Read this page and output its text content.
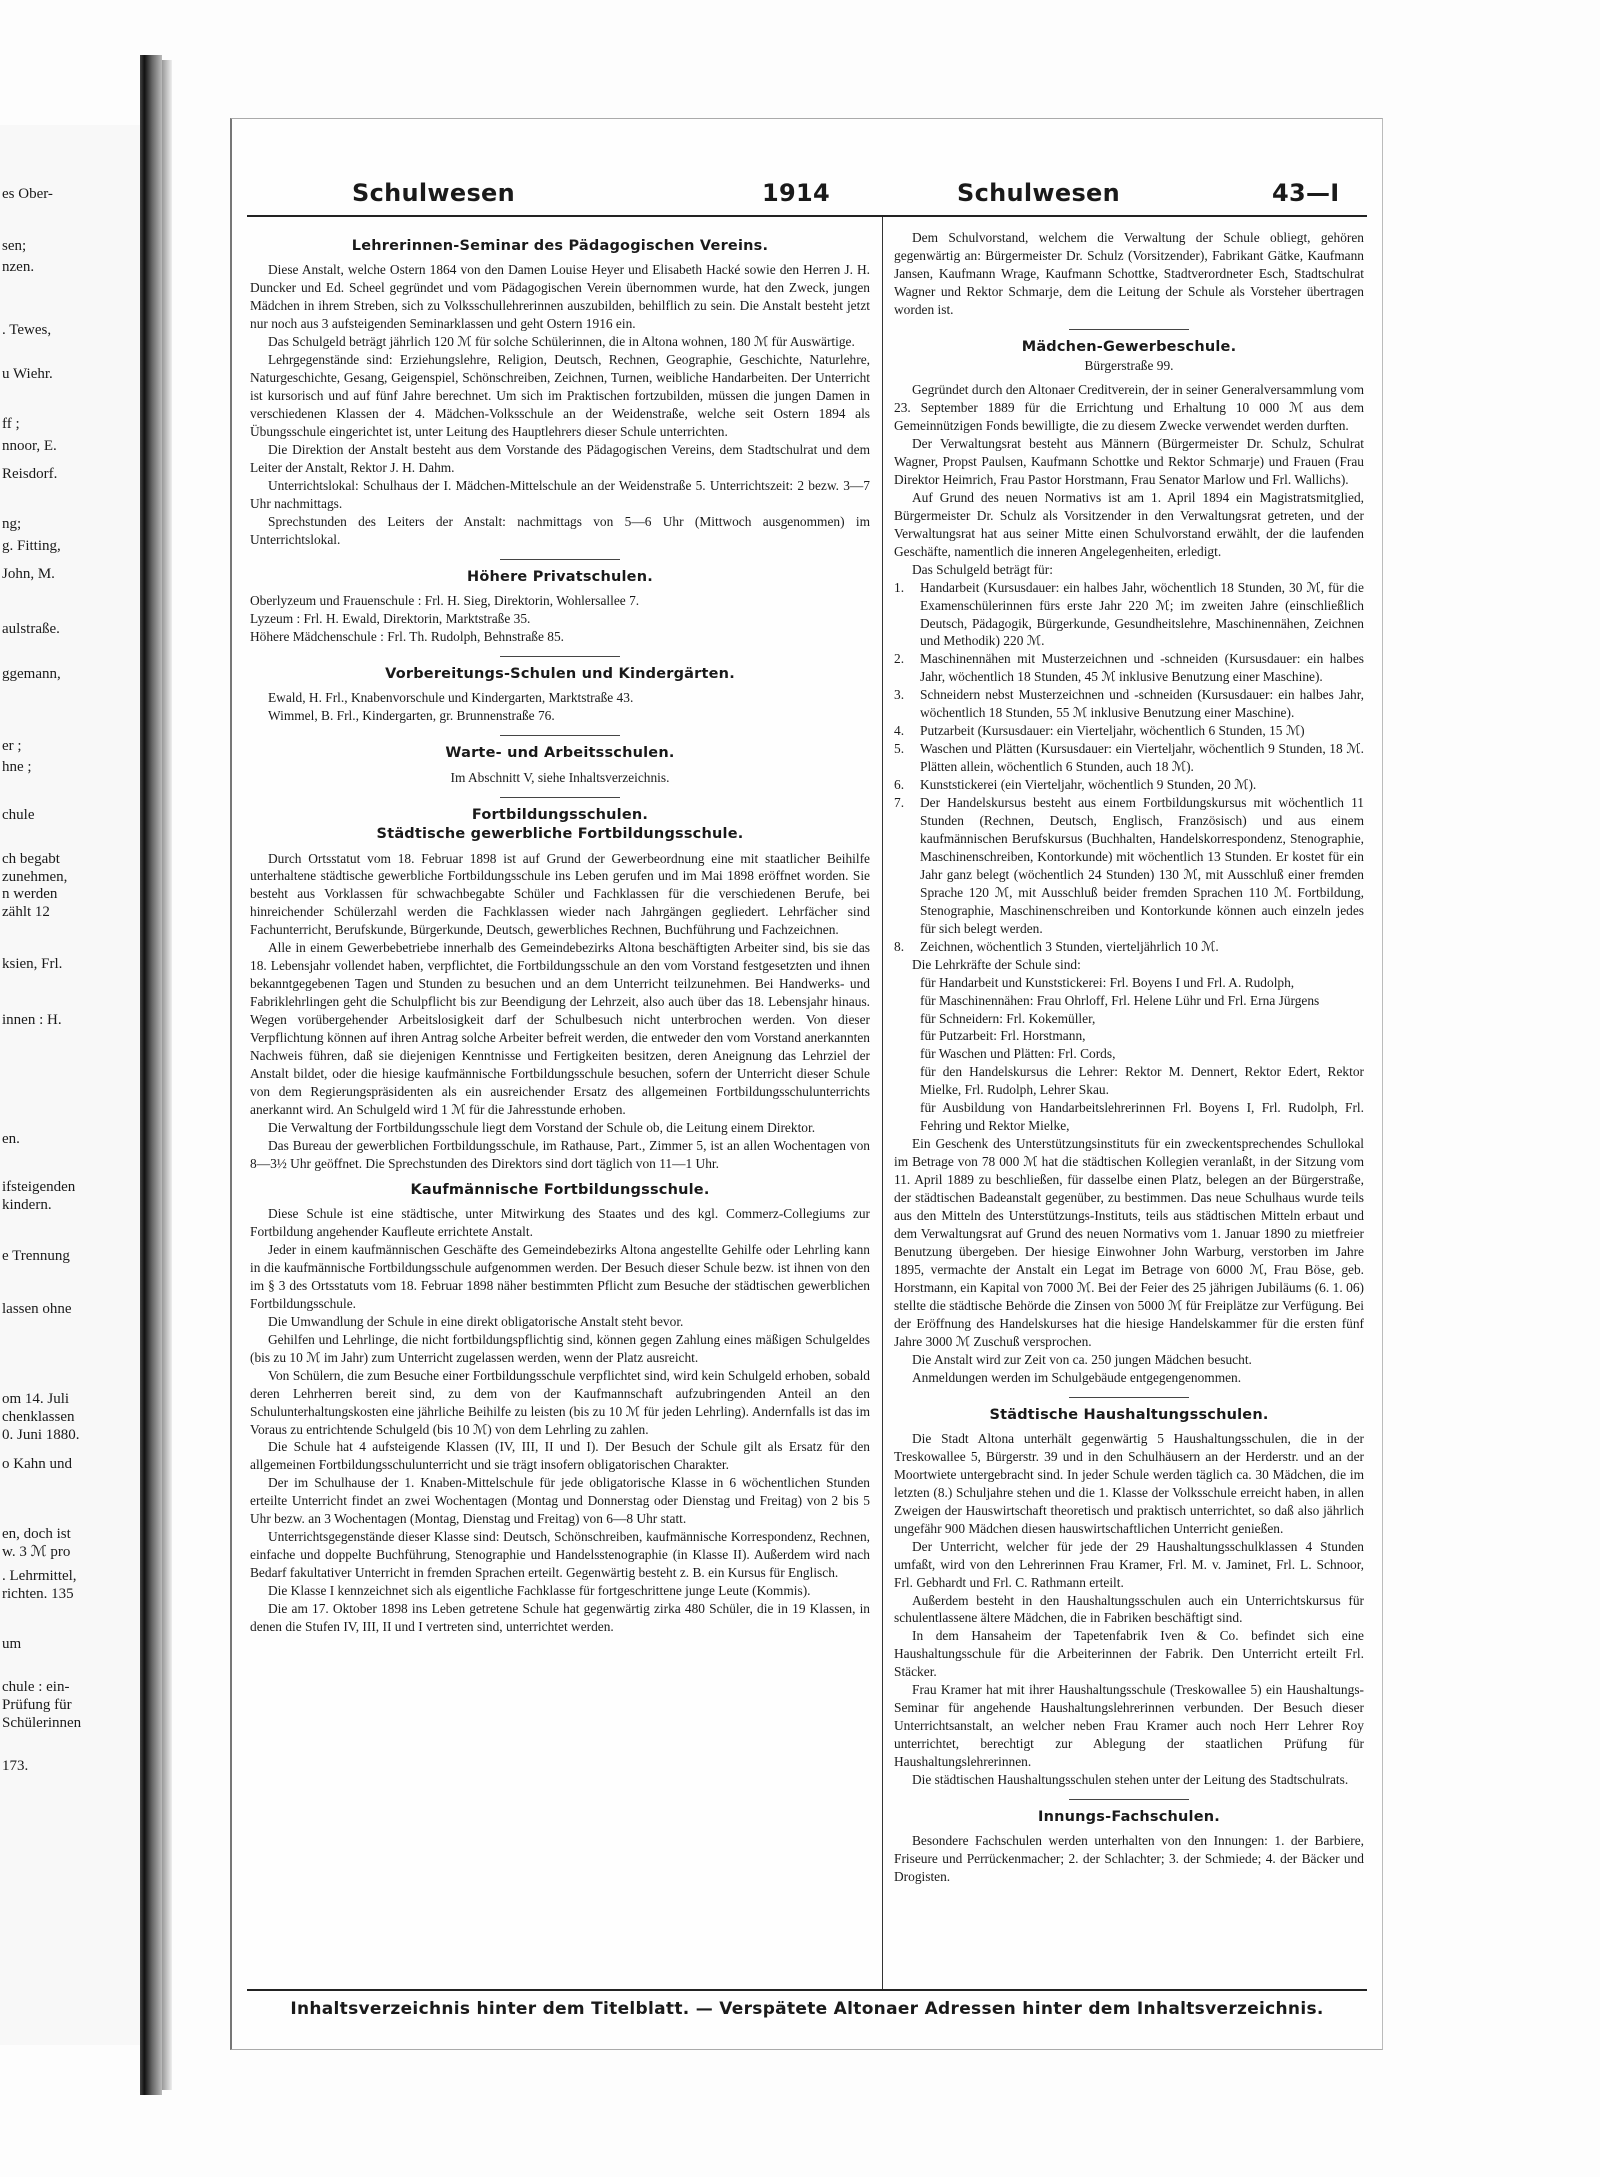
es Ober-
sen;
nzen.
. Tewes,
u Wiehr.
ff ;
nnoor, E.
Reisdorf.
ng;
g. Fitting,
John, M.
aulstraße.
ggemann,
er ;
hne ;
chule
ch begabt
zunehmen,
n werden
zählt 12
ksien, Frl.
innen : H.
en.
ifsteigenden
kindern.
e Trennung
lassen ohne
om 14. Juli
chenklassen
0. Juni 1880.
o Kahn und
en, doch ist
w. 3 ℳ pro
. Lehrmittel,
richten. 135
um
chule : ein-
Prüfung für
Schülerinnen
173.
Schulwesen	1914	Schulwesen	43—I
Lehrerinnen-Seminar des Pädagogischen Vereins.

Diese Anstalt, welche Ostern 1864 von den Damen Louise Heyer und Elisabeth Hacké sowie den Herren J. H. Duncker und Ed. Scheel gegründet und vom Pädagogischen Verein übernommen wurde, hat den Zweck, jungen Mädchen in ihrem Streben, sich zu Volksschullehrerinnen auszubilden, behilflich zu sein. Die Anstalt besteht jetzt nur noch aus 3 aufsteigenden Seminarklassen und geht Ostern 1916 ein.

Das Schulgeld beträgt jährlich 120 ℳ für solche Schülerinnen, die in Altona wohnen, 180 ℳ für Auswärtige.

Lehrgegenstände sind: Erziehungslehre, Religion, Deutsch, Rechnen, Geographie, Geschichte, Naturlehre, Naturgeschichte, Gesang, Geigenspiel, Schönschreiben, Zeichnen, Turnen, weibliche Handarbeiten. Der Unterricht ist kursorisch und auf fünf Jahre berechnet. Um sich im Praktischen fortzubilden, müssen die jungen Damen in verschiedenen Klassen der 4. Mädchen-Volksschule an der Weidenstraße, welche seit Ostern 1894 als Übungsschule eingerichtet ist, unter Leitung des Hauptlehrers dieser Schule unterrichten.

Die Direktion der Anstalt besteht aus dem Vorstande des Pädagogischen Vereins, dem Stadtschulrat und dem Leiter der Anstalt, Rektor J. H. Dahm.

Unterrichtslokal: Schulhaus der I. Mädchen-Mittelschule an der Weidenstraße 5. Unterrichtszeit: 2 bezw. 3—7 Uhr nachmittags.

Sprechstunden des Leiters der Anstalt: nachmittags von 5—6 Uhr (Mittwoch ausgenommen) im Unterrichtslokal.

Höhere Privatschulen.

Oberlyzeum und Frauenschule : Frl. H. Sieg, Direktorin, Wohlersallee 7.

Lyzeum : Frl. H. Ewald, Direktorin, Marktstraße 35.

Höhere Mädchenschule : Frl. Th. Rudolph, Behnstraße 85.

Vorbereitungs-Schulen und Kindergärten.

Ewald, H. Frl., Knabenvorschule und Kindergarten, Marktstraße 43.

Wimmel, B. Frl., Kindergarten, gr. Brunnenstraße 76.

Warte- und Arbeitsschulen.

Im Abschnitt V, siehe Inhaltsverzeichnis.

Fortbildungsschulen.
Städtische gewerbliche Fortbildungsschule.

Durch Ortsstatut vom 18. Februar 1898 ist auf Grund der Gewerbeordnung eine mit staatlicher Beihilfe unterhaltene städtische gewerbliche Fortbildungsschule ins Leben gerufen und im Mai 1898 eröffnet worden. Sie besteht aus Vorklassen für schwachbegabte Schüler und Fachklassen für die verschiedenen Berufe, bei hinreichender Schülerzahl werden die Fachklassen wieder nach Jahrgängen gegliedert. Lehrfächer sind Fachunterricht, Berufskunde, Bürgerkunde, Deutsch, gewerbliches Rechnen, Buchführung und Fachzeichnen.

Alle in einem Gewerbebetriebe innerhalb des Gemeindebezirks Altona beschäftigten Arbeiter sind, bis sie das 18. Lebensjahr vollendet haben, verpflichtet, die Fortbildungsschule an den vom Vorstand festgesetzten und ihnen bekanntgegebenen Tagen und Stunden zu besuchen und an dem Unterricht teilzunehmen. Bei Handwerks- und Fabriklehrlingen geht die Schulpflicht bis zur Beendigung der Lehrzeit, also auch über das 18. Lebensjahr hinaus. Wegen vorübergehender Arbeitslosigkeit darf der Schulbesuch nicht unterbrochen werden. Von dieser Verpflichtung können auf ihren Antrag solche Arbeiter befreit werden, die entweder den vom Vorstand anerkannten Nachweis führen, daß sie diejenigen Kenntnisse und Fertigkeiten besitzen, deren Aneignung das Lehrziel der Anstalt bildet, oder die hiesige kaufmännische Fortbildungsschule besuchen, sofern der Unterricht dieser Schule von dem Regierungspräsidenten als ein ausreichender Ersatz des allgemeinen Fortbildungsschulunterrichts anerkannt wird. An Schulgeld wird 1 ℳ für die Jahresstunde erhoben.

Die Verwaltung der Fortbildungsschule liegt dem Vorstand der Schule ob, die Leitung einem Direktor.

Das Bureau der gewerblichen Fortbildungsschule, im Rathause, Part., Zimmer 5, ist an allen Wochentagen von 8—3½ Uhr geöffnet. Die Sprechstunden des Direktors sind dort täglich von 11—1 Uhr.

Kaufmännische Fortbildungsschule.

Diese Schule ist eine städtische, unter Mitwirkung des Staates und des kgl. Commerz-Collegiums zur Fortbildung angehender Kaufleute errichtete Anstalt.

Jeder in einem kaufmännischen Geschäfte des Gemeindebezirks Altona angestellte Gehilfe oder Lehrling kann in die kaufmännische Fortbildungsschule aufgenommen werden. Der Besuch dieser Schule bezw. ist ihnen von den im § 3 des Ortsstatuts vom 18. Februar 1898 näher bestimmten Pflicht zum Besuche der städtischen gewerblichen Fortbildungsschule.

Die Umwandlung der Schule in eine direkt obligatorische Anstalt steht bevor.

Gehilfen und Lehrlinge, die nicht fortbildungspflichtig sind, können gegen Zahlung eines mäßigen Schulgeldes (bis zu 10 ℳ im Jahr) zum Unterricht zugelassen werden, wenn der Platz ausreicht.

Von Schülern, die zum Besuche einer Fortbildungsschule verpflichtet sind, wird kein Schulgeld erhoben, sobald deren Lehrherren bereit sind, zu dem von der Kaufmannschaft aufzubringenden Anteil an den Schulunterhaltungskosten eine jährliche Beihilfe zu leisten (bis zu 10 ℳ für jeden Lehrling). Andernfalls ist das im Voraus zu entrichtende Schulgeld (bis 10 ℳ) von dem Lehrling zu zahlen.

Die Schule hat 4 aufsteigende Klassen (IV, III, II und I). Der Besuch der Schule gilt als Ersatz für den allgemeinen Fortbildungsschulunterricht und sie trägt insofern obligatorischen Charakter.

Der im Schulhause der 1. Knaben-Mittelschule für jede obligatorische Klasse in 6 wöchentlichen Stunden erteilte Unterricht findet an zwei Wochentagen (Montag und Donnerstag oder Dienstag und Freitag) von 2 bis 5 Uhr bezw. an 3 Wochentagen (Montag, Dienstag und Freitag) von 6—8 Uhr statt.

Unterrichtsgegenstände dieser Klasse sind: Deutsch, Schönschreiben, kaufmännische Korrespondenz, Rechnen, einfache und doppelte Buchführung, Stenographie und Handelsstenographie (in Klasse II). Außerdem wird nach Bedarf fakultativer Unterricht in fremden Sprachen erteilt. Gegenwärtig besteht z. B. ein Kursus für Englisch.

Die Klasse I kennzeichnet sich als eigentliche Fachklasse für fortgeschrittene junge Leute (Kommis).

Die am 17. Oktober 1898 ins Leben getretene Schule hat gegenwärtig zirka 480 Schüler, die in 19 Klassen, in denen die Stufen IV, III, II und I vertreten sind, unterrichtet werden.

Dem Schulvorstand, welchem die Verwaltung der Schule obliegt, gehören gegenwärtig an: Bürgermeister Dr. Schulz (Vorsitzender), Fabrikant Gätke, Kaufmann Jansen, Kaufmann Wrage, Kaufmann Schottke, Stadtverordneter Esch, Stadtschulrat Wagner und Rektor Schmarje, dem die Leitung der Schule als Vorsteher übertragen worden ist.

Mädchen-Gewerbeschule.
Bürgerstraße 99.

Gegründet durch den Altonaer Creditverein, der in seiner Generalversammlung vom 23. September 1889 für die Errichtung und Erhaltung 10 000 ℳ aus dem Gemeinnützigen Fonds bewilligte, die zu diesem Zwecke verwendet werden durften.

Der Verwaltungsrat besteht aus Männern (Bürgermeister Dr. Schulz, Schulrat Wagner, Propst Paulsen, Kaufmann Schottke und Rektor Schmarje) und Frauen (Frau Direktor Heimrich, Frau Pastor Horstmann, Frau Senator Marlow und Frl. Wallichs).

Auf Grund des neuen Normativs ist am 1. April 1894 ein Magistratsmitglied, Bürgermeister Dr. Schulz als Vorsitzender in den Verwaltungsrat getreten, und der Verwaltungsrat hat aus seiner Mitte einen Schulvorstand erwählt, der die laufenden Geschäfte, namentlich die inneren Angelegenheiten, erledigt.

Das Schulgeld beträgt für:

1. Handarbeit (Kursusdauer: ein halbes Jahr, wöchentlich 18 Stunden, 30 ℳ, für die Examenschülerinnen fürs erste Jahr 220 ℳ; im zweiten Jahre (einschließlich Deutsch, Pädagogik, Bürgerkunde, Gesundheitslehre, Maschinennähen, Zeichnen und Methodik) 220 ℳ.

2. Maschinennähen mit Musterzeichnen und -schneiden (Kursusdauer: ein halbes Jahr, wöchentlich 18 Stunden, 45 ℳ inklusive Benutzung einer Maschine).

3. Schneidern nebst Musterzeichnen und -schneiden (Kursusdauer: ein halbes Jahr, wöchentlich 18 Stunden, 55 ℳ inklusive Benutzung einer Maschine).

4. Putzarbeit (Kursusdauer: ein Vierteljahr, wöchentlich 6 Stunden, 15 ℳ)

5. Waschen und Plätten (Kursusdauer: ein Vierteljahr, wöchentlich 9 Stunden, 18 ℳ. Plätten allein, wöchentlich 6 Stunden, auch 18 ℳ).

6. Kunststickerei (ein Vierteljahr, wöchentlich 9 Stunden, 20 ℳ).

7. Der Handelskursus besteht aus einem Fortbildungskursus mit wöchentlich 11 Stunden (Rechnen, Deutsch, Englisch, Französisch) und aus einem kaufmännischen Berufskursus (Buchhalten, Handelskorrespondenz, Stenographie, Maschinenschreiben, Kontorkunde) mit wöchentlich 13 Stunden. Er kostet für ein Jahr ganz belegt (wöchentlich 24 Stunden) 130 ℳ, mit Ausschluß einer fremden Sprache 120 ℳ, mit Ausschluß beider fremden Sprachen 110 ℳ. Fortbildung, Stenographie, Maschinenschreiben und Kontorkunde können auch einzeln jedes für sich belegt werden.

8. Zeichnen, wöchentlich 3 Stunden, vierteljährlich 10 ℳ.

Die Lehrkräfte der Schule sind:

für Handarbeit und Kunststickerei: Frl. Boyens I und Frl. A. Rudolph,

für Maschinennähen: Frau Ohrloff, Frl. Helene Lühr und Frl. Erna Jürgens

für Schneidern: Frl. Kokemüller,

für Putzarbeit: Frl. Horstmann,

für Waschen und Plätten: Frl. Cords,

für den Handelskursus die Lehrer: Rektor M. Dennert, Rektor Edert, Rektor Mielke, Frl. Rudolph, Lehrer Skau.

für Ausbildung von Handarbeitslehrerinnen Frl. Boyens I, Frl. Rudolph, Frl. Fehring und Rektor Mielke,

Ein Geschenk des Unterstützungsinstituts für ein zweckentsprechendes Schullokal im Betrage von 78 000 ℳ hat die städtischen Kollegien veranlaßt, in der Sitzung vom 11. April 1889 zu beschließen, für dasselbe einen Platz, belegen an der Bürgerstraße, der städtischen Badeanstalt gegenüber, zu bestimmen. Das neue Schulhaus wurde teils aus den Mitteln des Unterstützungs-Instituts, teils aus städtischen Mitteln erbaut und dem Verwaltungsrat auf Grund des neuen Normativs vom 1. Januar 1890 zu mietfreier Benutzung übergeben. Der hiesige Einwohner John Warburg, verstorben im Jahre 1895, vermachte der Anstalt ein Legat im Betrage von 6000 ℳ, Frau Böse, geb. Horstmann, ein Kapital von 7000 ℳ. Bei der Feier des 25 jährigen Jubiläums (6. 1. 06) stellte die städtische Behörde die Zinsen von 5000 ℳ für Freiplätze zur Verfügung. Bei der Eröffnung des Handelskurses hat die hiesige Handelskammer für die ersten fünf Jahre 3000 ℳ Zuschuß versprochen.

Die Anstalt wird zur Zeit von ca. 250 jungen Mädchen besucht.

Anmeldungen werden im Schulgebäude entgegengenommen.

Städtische Haushaltungsschulen.

Die Stadt Altona unterhält gegenwärtig 5 Haushaltungsschulen, die in der Treskowallee 5, Bürgerstr. 39 und in den Schulhäusern an der Herderstr. und an der Moortwiete untergebracht sind. In jeder Schule werden täglich ca. 30 Mädchen, die im letzten (8.) Schuljahre stehen und die 1. Klasse der Volksschule erreicht haben, in allen Zweigen der Hauswirtschaft theoretisch und praktisch unterrichtet, so daß also jährlich ungefähr 900 Mädchen diesen hauswirtschaftlichen Unterricht genießen.

Der Unterricht, welcher für jede der 29 Haushaltungsschulklassen 4 Stunden umfaßt, wird von den Lehrerinnen Frau Kramer, Frl. M. v. Jaminet, Frl. L. Schnoor, Frl. Gebhardt und Frl. C. Rathmann erteilt.

Außerdem besteht in den Haushaltungsschulen auch ein Unterrichtskursus für schulentlassene ältere Mädchen, die in Fabriken beschäftigt sind.

In dem Hansaheim der Tapetenfabrik Iven & Co. befindet sich eine Haushaltungsschule für die Arbeiterinnen der Fabrik. Den Unterricht erteilt Frl. Stäcker.

Frau Kramer hat mit ihrer Haushaltungsschule (Treskowallee 5) ein Haushaltungs-Seminar für angehende Haushaltungslehrerinnen verbunden. Der Besuch dieser Unterrichtsanstalt, an welcher neben Frau Kramer auch noch Herr Lehrer Roy unterrichtet, berechtigt zur Ablegung der staatlichen Prüfung für Haushaltungslehrerinnen.

Die städtischen Haushaltungsschulen stehen unter der Leitung des Stadtschulrats.

Innungs-Fachschulen.

Besondere Fachschulen werden unterhalten von den Innungen: 1. der Barbiere, Friseure und Perrückenmacher; 2. der Schlachter; 3. der Schmiede; 4. der Bäcker und Drogisten.

Inhaltsverzeichnis hinter dem Titelblatt. — Verspätete Altonaer Adressen hinter dem Inhaltsverzeichnis.
